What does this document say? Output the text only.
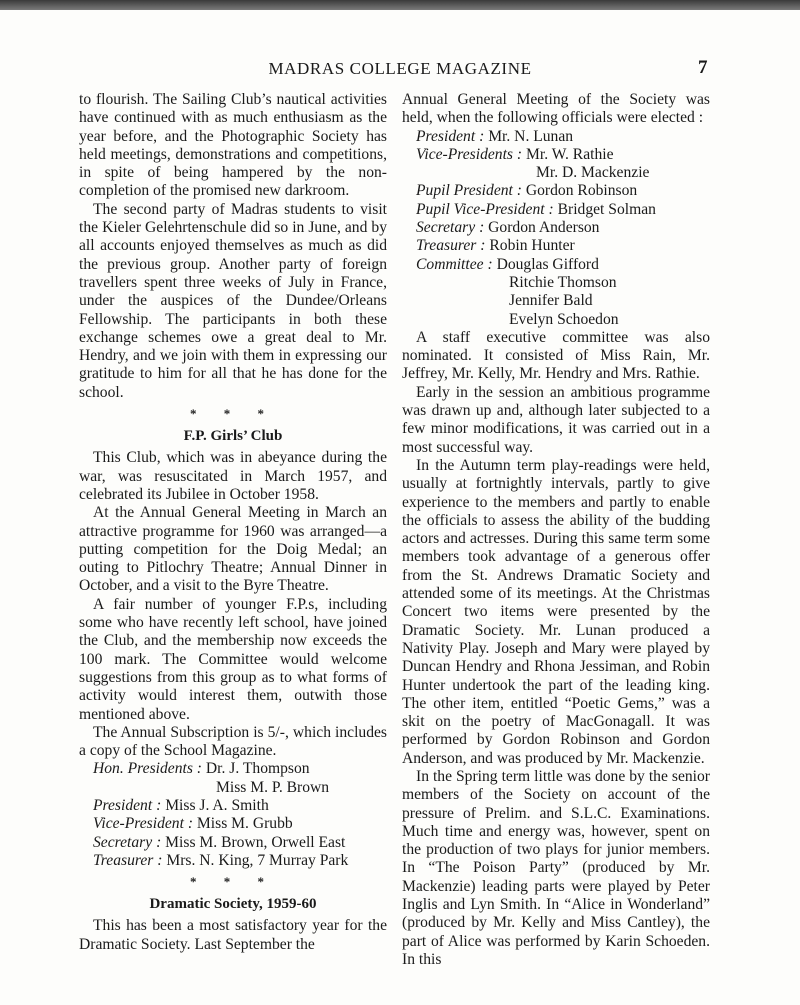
MADRAS COLLEGE MAGAZINE	7

to flourish. The Sailing Club’s nautical activities have continued with as much enthusiasm as the year before, and the Photographic Society has held meetings, demonstrations and competitions, in spite of being hampered by the non-completion of the promised new darkroom.

The second party of Madras students to visit the Kieler Gelehrtenschule did so in June, and by all accounts enjoyed themselves as much as did the previous group. Another party of foreign travellers spent three weeks of July in France, under the auspices of the Dundee/Orleans Fellowship. The participants in both these exchange schemes owe a great deal to Mr. Hendry, and we join with them in expressing our gratitude to him for all that he has done for the school.

* * *
F.P. Girls’ Club

This Club, which was in abeyance during the war, was resuscitated in March 1957, and celebrated its Jubilee in October 1958.

At the Annual General Meeting in March an attractive programme for 1960 was arranged—a putting competition for the Doig Medal; an outing to Pitlochry Theatre; Annual Dinner in October, and a visit to the Byre Theatre.

A fair number of younger F.P.s, including some who have recently left school, have joined the Club, and the membership now exceeds the 100 mark. The Committee would welcome suggestions from this group as to what forms of activity would interest them, outwith those mentioned above.

The Annual Subscription is 5/-, which includes a copy of the School Magazine.

Hon. Presidents : Dr. J. Thompson

Miss M. P. Brown

President : Miss J. A. Smith

Vice-President : Miss M. Grubb

Secretary : Miss M. Brown, Orwell East

Treasurer : Mrs. N. King, 7 Murray Park

* * *
Dramatic Society, 1959-60

This has been a most satisfactory year for the Dramatic Society. Last September the

Annual General Meeting of the Society was held, when the following officials were elected :

President : Mr. N. Lunan

Vice-Presidents : Mr. W. Rathie

Mr. D. Mackenzie

Pupil President : Gordon Robinson

Pupil Vice-President : Bridget Solman

Secretary : Gordon Anderson

Treasurer : Robin Hunter

Committee : Douglas Gifford

Ritchie Thomson

Jennifer Bald

Evelyn Schoedon

A staff executive committee was also nominated. It consisted of Miss Rain, Mr. Jeffrey, Mr. Kelly, Mr. Hendry and Mrs. Rathie.

Early in the session an ambitious programme was drawn up and, although later subjected to a few minor modifications, it was carried out in a most successful way.

In the Autumn term play-readings were held, usually at fortnightly intervals, partly to give experience to the members and partly to enable the officials to assess the ability of the budding actors and actresses. During this same term some members took advantage of a generous offer from the St. Andrews Dramatic Society and attended some of its meetings. At the Christmas Concert two items were presented by the Dramatic Society. Mr. Lunan produced a Nativity Play. Joseph and Mary were played by Duncan Hendry and Rhona Jessiman, and Robin Hunter undertook the part of the leading king. The other item, entitled “Poetic Gems,” was a skit on the poetry of MacGonagall. It was performed by Gordon Robinson and Gordon Anderson, and was produced by Mr. Mackenzie.

In the Spring term little was done by the senior members of the Society on account of the pressure of Prelim. and S.L.C. Examinations. Much time and energy was, however, spent on the production of two plays for junior members. In “The Poison Party” (produced by Mr. Mackenzie) leading parts were played by Peter Inglis and Lyn Smith. In “Alice in Wonderland” (produced by Mr. Kelly and Miss Cantley), the part of Alice was performed by Karin Schoeden. In this
